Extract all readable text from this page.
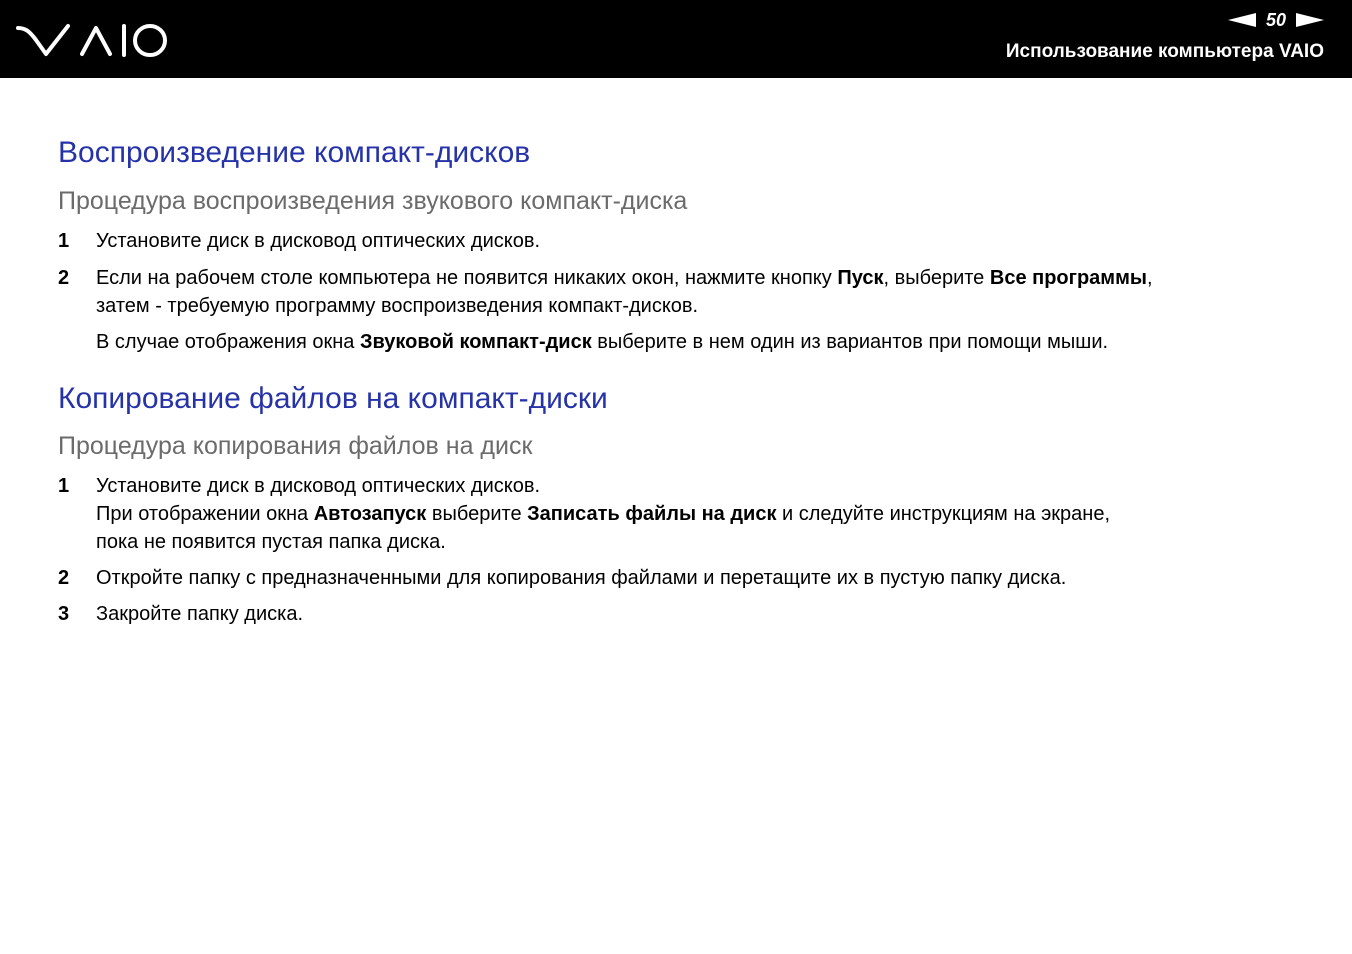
50
Использование компьютера VAIO
Воспроизведение компакт-дисков
Процедура воспроизведения звукового компакт-диска
1	Установите диск в дисковод оптических дисков.
2	Если на рабочем столе компьютера не появится никаких окон, нажмите кнопку Пуск, выберите Все программы,
затем - требуемую программу воспроизведения компакт-дисков.
В случае отображения окна Звуковой компакт-диск выберите в нем один из вариантов при помощи мыши.
Копирование файлов на компакт-диски
Процедура копирования файлов на диск
1	Установите диск в дисковод оптических дисков.
При отображении окна Автозапуск выберите Записать файлы на диск и следуйте инструкциям на экране,
пока не появится пустая папка диска.
2	Откройте папку с предназначенными для копирования файлами и перетащите их в пустую папку диска.
3	Закройте папку диска.
